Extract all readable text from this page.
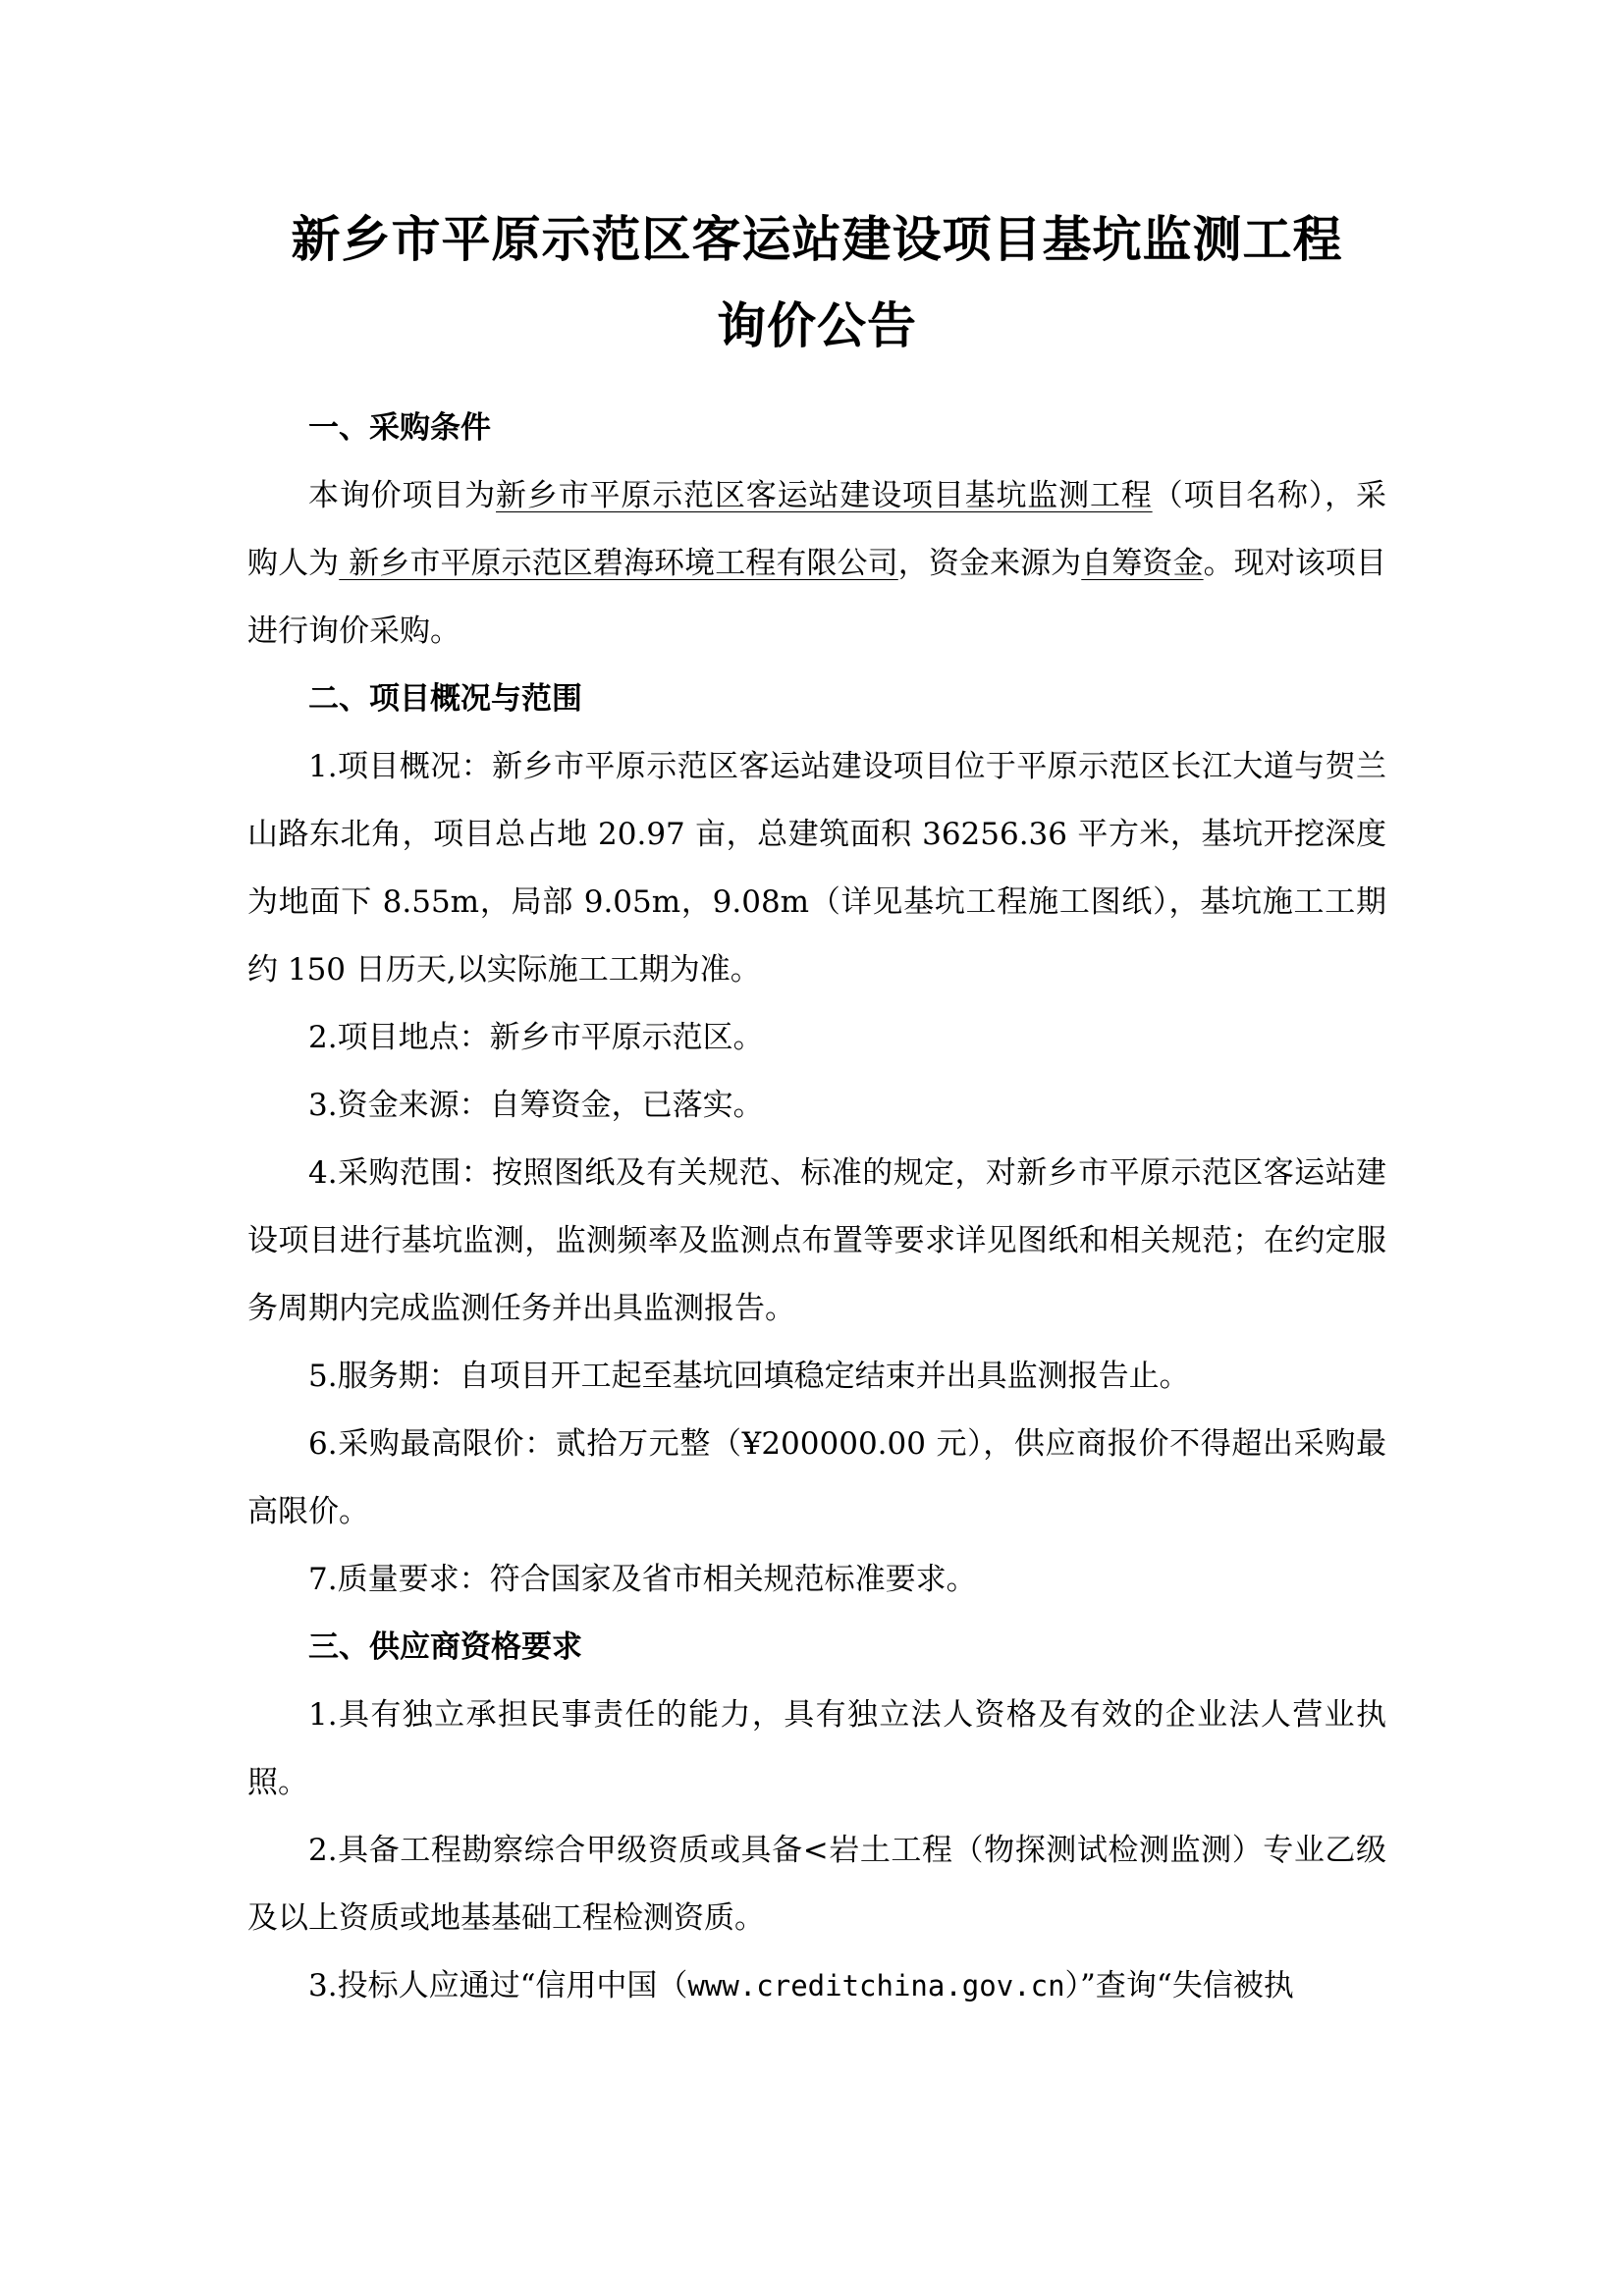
新乡市平原示范区客运站建设项目基坑监测工程
询价公告

一、采购条件

本询价项目为新乡市平原示范区客运站建设项目基坑监测工程（项目名称），采购人为 新乡市平原示范区碧海环境工程有限公司，资金来源为自筹资金。现对该项目进行询价采购。

二、项目概况与范围

1.项目概况：新乡市平原示范区客运站建设项目位于平原示范区长江大道与贺兰山路东北角，项目总占地 20.97 亩，总建筑面积 36256.36 平方米，基坑开挖深度为地面下 8.55m，局部 9.05m，9.08m（详见基坑工程施工图纸），基坑施工工期约 150 日历天,以实际施工工期为准。

2.项目地点：新乡市平原示范区。

3.资金来源：自筹资金，已落实。

4.采购范围：按照图纸及有关规范、标准的规定，对新乡市平原示范区客运站建设项目进行基坑监测，监测频率及监测点布置等要求详见图纸和相关规范；在约定服务周期内完成监测任务并出具监测报告。

5.服务期：自项目开工起至基坑回填稳定结束并出具监测报告止。

6.采购最高限价：贰拾万元整（¥200000.00 元），供应商报价不得超出采购最高限价。

7.质量要求：符合国家及省市相关规范标准要求。

三、供应商资格要求

1.具有独立承担民事责任的能力，具有独立法人资格及有效的企业法人营业执照。

2.具备工程勘察综合甲级资质或具备<岩土工程（物探测试检测监测）专业乙级及以上资质或地基基础工程检测资质。

3.投标人应通过“信用中国（www.creditchina.gov.cn）”查询“失信被执
